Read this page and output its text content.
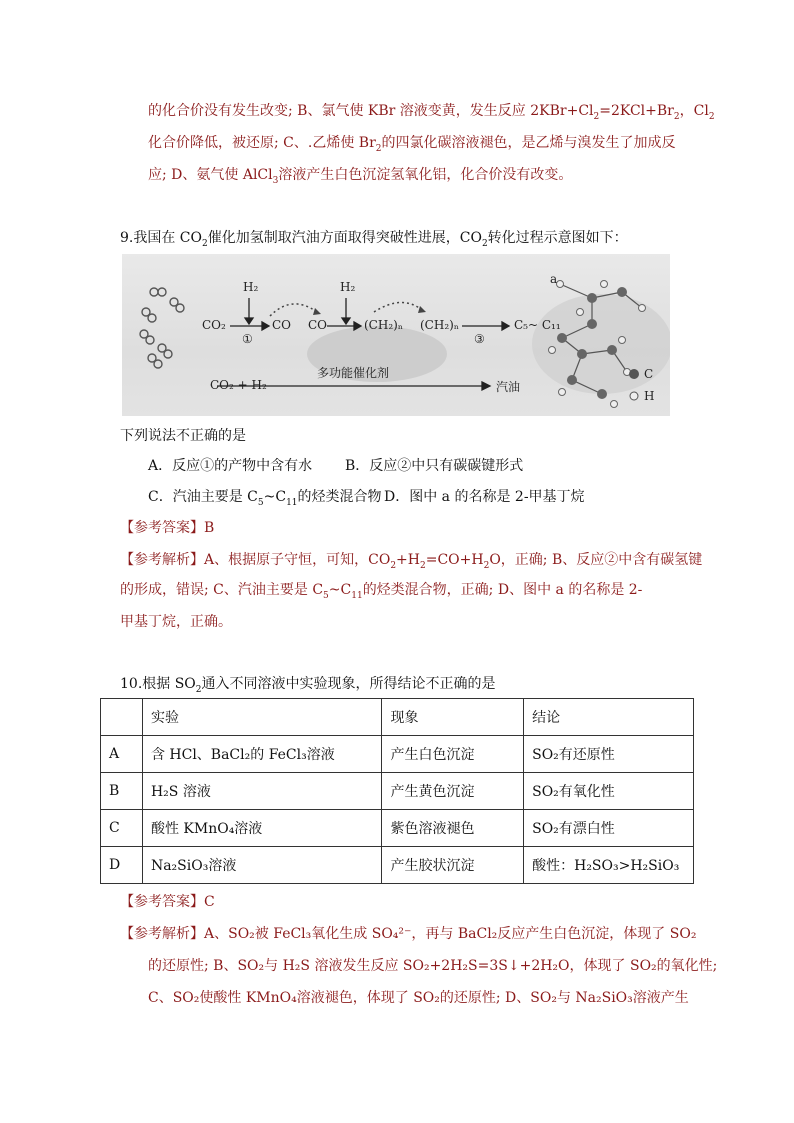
的化合价没有发生改变; B、氯气使 KBr 溶液变黄，发生反应 $2KBr+Cl_2=2KCl+Br_2$，$Cl_2$
化合价降低，被还原; C、.乙烯使 $Br_2$的四氯化碳溶液褪色，是乙烯与溴发生了加成反
应; D、氨气使 AlCl$_3$溶液产生白色沉淀氢氧化铝，化合价没有改变。
9.我国在 $CO_2$催化加氢制取汽油方面取得突破性进展，$CO_2$转化过程示意图如下：
H₂	H₂
CO₂	CO CO	(CH₂)ₙ (CH₂)ₙ	C₅~ C₁₁
①	③
a
CO₂ + H₂
多功能催化剂
汽油
C
H
下列说法不正确的是
A．反应①的产物中含有水 B．反应②中只有碳碳键形式
C．汽油主要是 $C_5\sim C_{11}$的烃类混合物 D．图中 a 的名称是 2-甲基丁烷
【参考答案】B
【参考解析】A、根据原子守恒，可知，$CO_2+H_2=CO+H_2O$，正确; B、反应②中含有碳氢键
的形成，错误; C、汽油主要是 $C_5\sim C_{11}$的烃类混合物，正确; D、图中 a 的名称是 2-
甲基丁烷，正确。
10.根据 $SO_2$通入不同溶液中实验现象，所得结论不正确的是
	实验	现象	结论
A	含 HCl、BaCl₂的 FeCl₃溶液	产生白色沉淀	SO₂有还原性
B	H₂S 溶液	产生黄色沉淀	SO₂有氧化性
C	酸性 KMnO₄溶液	紫色溶液褪色	SO₂有漂白性
D	Na₂SiO₃溶液	产生胶状沉淀	酸性：H₂SO₃>H₂SiO₃
【参考答案】C
【参考解析】A、SO₂被 FeCl₃氧化生成 SO₄²⁻，再与 BaCl₂反应产生白色沉淀，体现了 SO₂
的还原性; B、SO₂与 H₂S 溶液发生反应 SO₂+2H₂S=3S↓+2H₂O，体现了 SO₂的氧化性;
C、SO₂使酸性 KMnO₄溶液褪色，体现了 SO₂的还原性; D、SO₂与 Na₂SiO₃溶液产生
